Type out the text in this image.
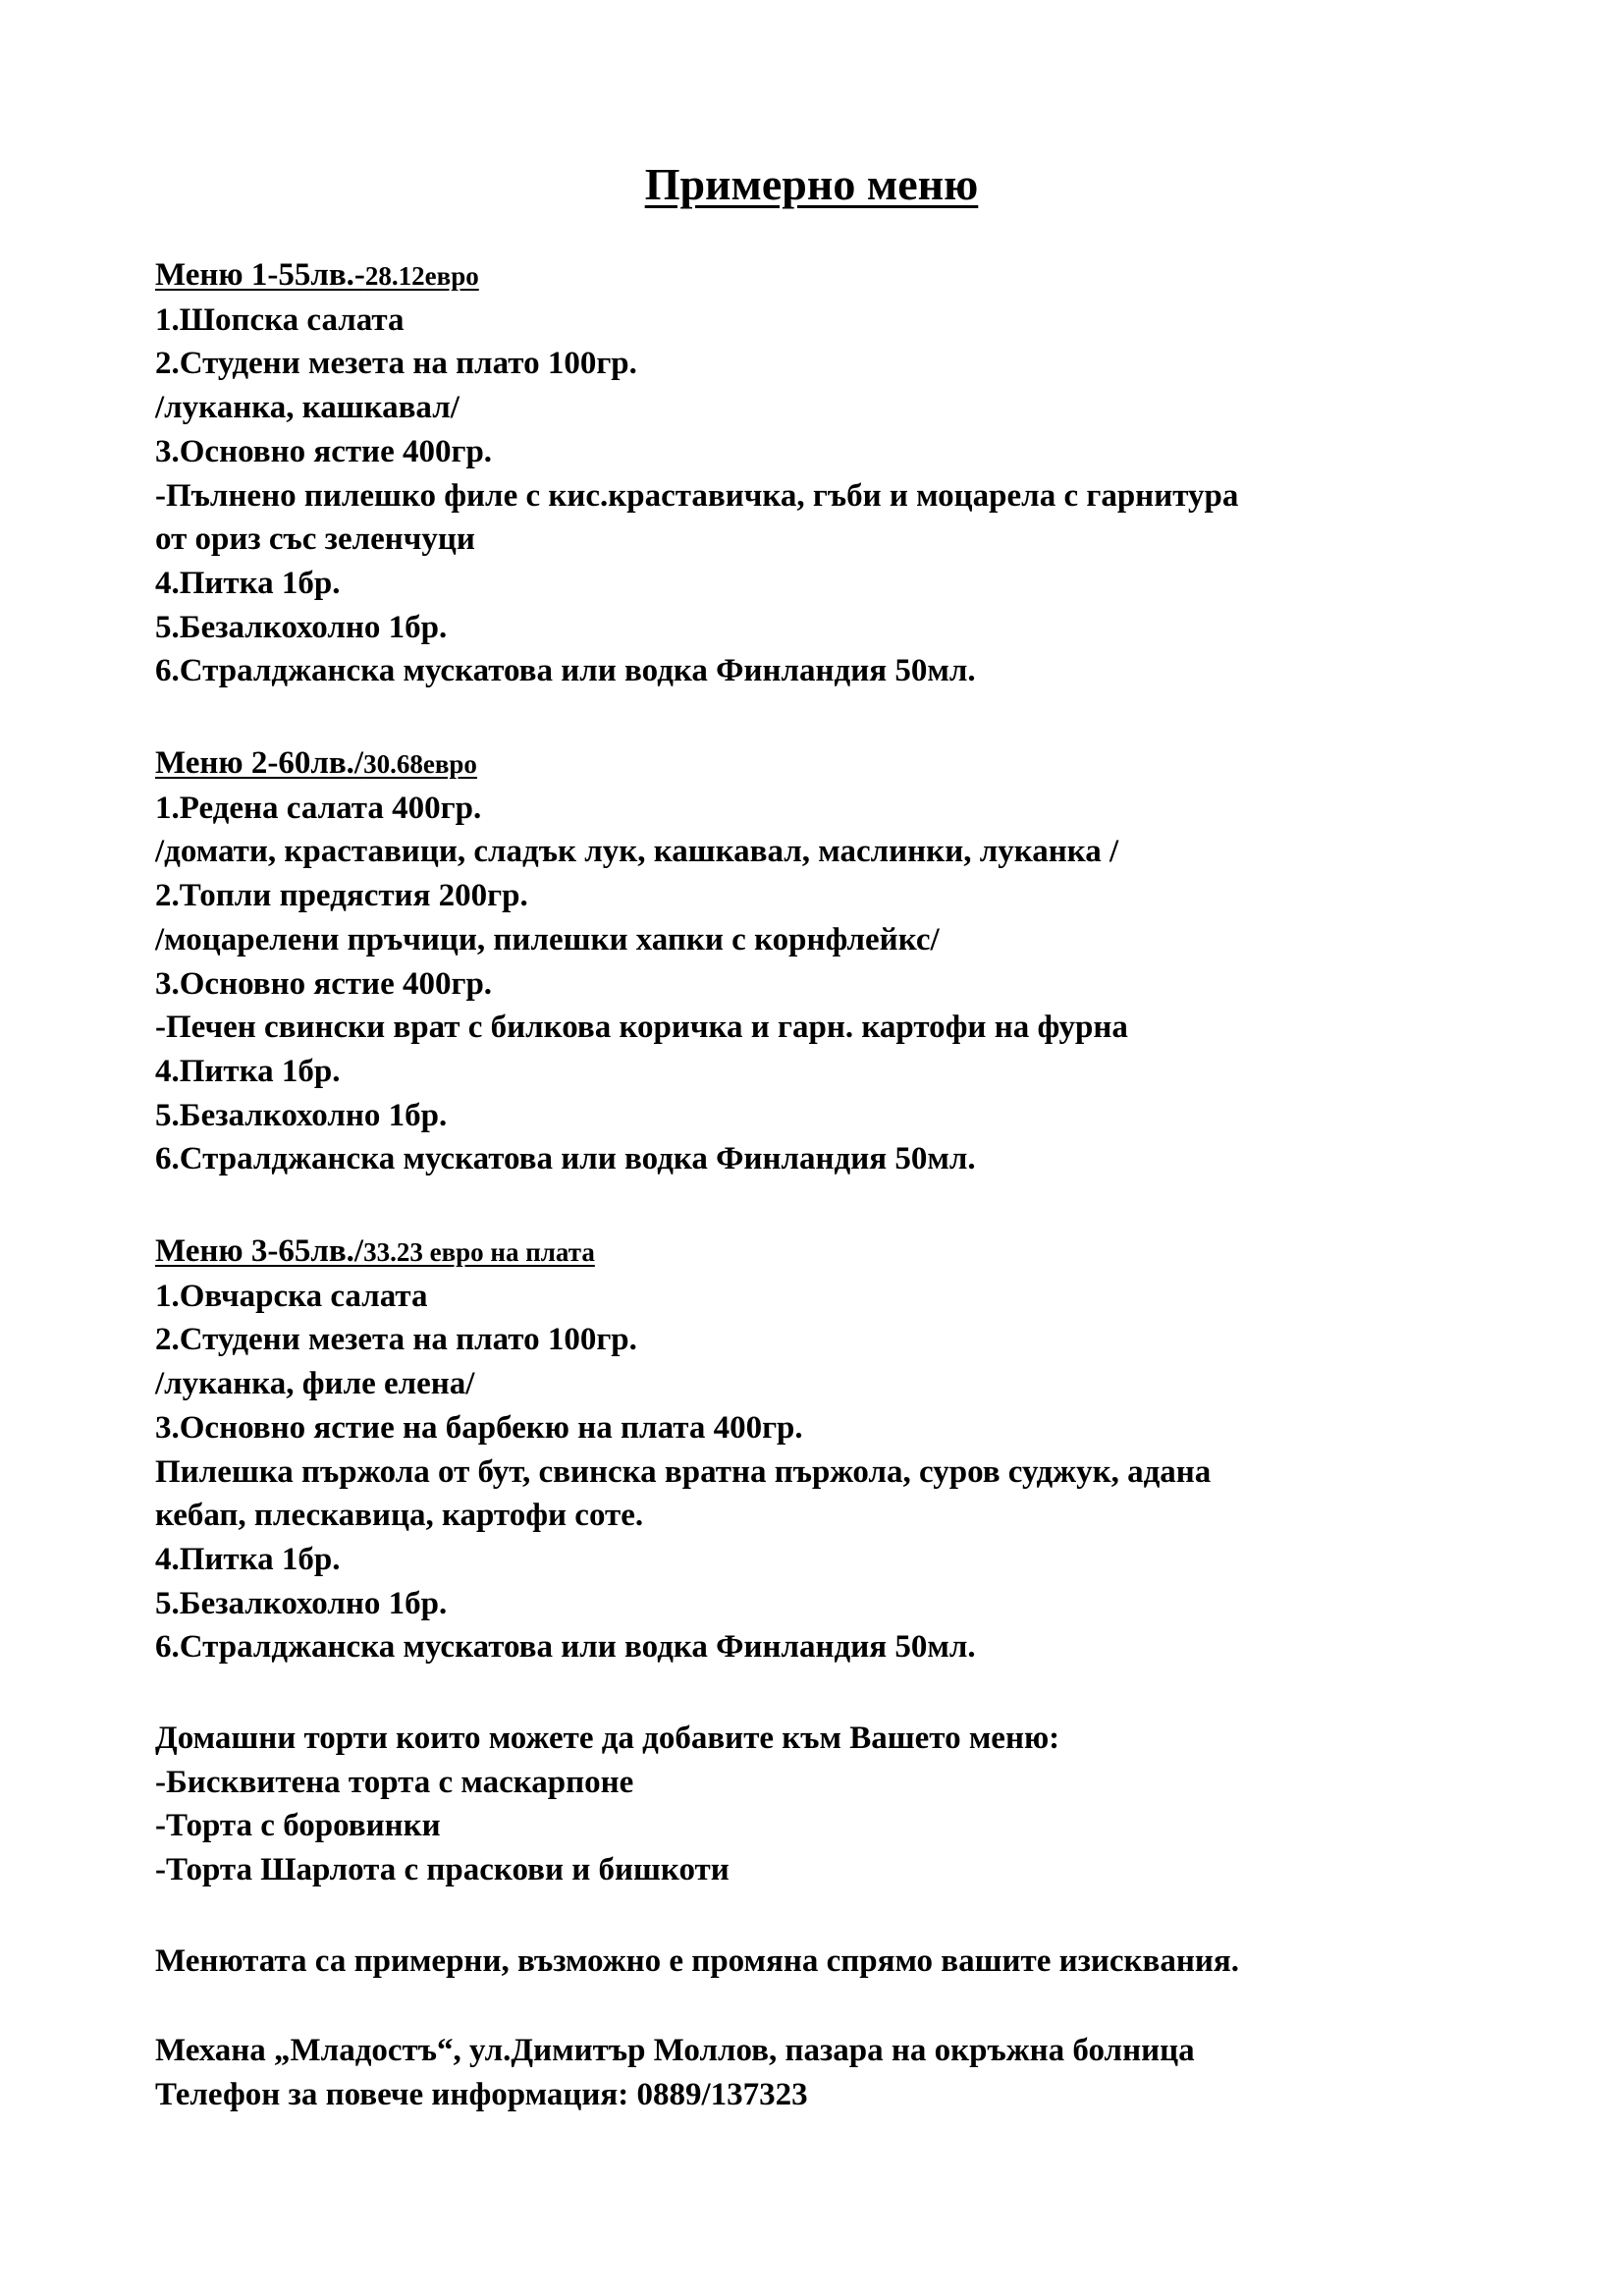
Примерно меню
Меню 1-55лв.-28.12евро
1.Шопска салата
2.Студени мезета на плато 100гр.
/луканка, кашкавал/
3.Основно ястие 400гр.
-Пълнено пилешко филе с кис.краставичка, гъби и моцарела с гарнитура
от ориз със зеленчуци
4.Питка 1бр.
5.Безалкохолно 1бр.
6.Стралджанска мускатова или водка Финландия 50мл.
Меню 2-60лв./30.68евро
1.Редена салата 400гр.
/домати, краставици, сладък лук, кашкавал, маслинки, луканка /
2.Топли предястия 200гр.
/моцарелени пръчици, пилешки хапки с корнфлейкс/
3.Основно ястие 400гр.
-Печен свински врат с билкова коричка и гарн. картофи на фурна
4.Питка 1бр.
5.Безалкохолно 1бр.
6.Стралджанска мускатова или водка Финландия 50мл.
Меню 3-65лв./33.23 евро на плата
1.Овчарска салата
2.Студени мезета на плато 100гр.
/луканка, филе елена/
3.Основно ястие на барбекю на плата 400гр.
Пилешка пържола от бут, свинска вратна пържола, суров суджук, адана
кебап, плескавица, картофи соте.
4.Питка 1бр.
5.Безалкохолно 1бр.
6.Стралджанска мускатова или водка Финландия 50мл.
Домашни торти които можете да добавите към Вашето меню:
-Бисквитена торта с маскарпоне
-Торта с боровинки
-Торта Шарлота с праскови и бишкоти
Менютата са примерни, възможно е промяна спрямо вашите изисквания.
Механа „Младостъ“, ул.Димитър Моллов, пазара на окръжна болница
Телефон за повече информация: 0889/137323
